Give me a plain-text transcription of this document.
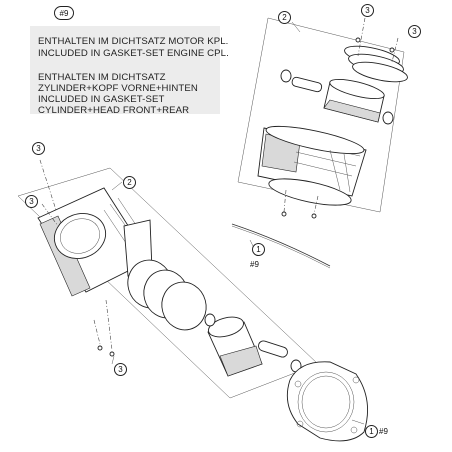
ENTHALTEN IM DICHTSATZ MOTOR KPL.
INCLUDED IN GASKET-SET ENGINE CPL.
ENTHALTEN IM DICHTSATZ
ZYLINDER+KOPF VORNE+HINTEN
INCLUDED IN GASKET-SET
CYLINDER+HEAD FRONT+REAR
#9	2
3
3
3
3
2
3
1
#9
1 #9
